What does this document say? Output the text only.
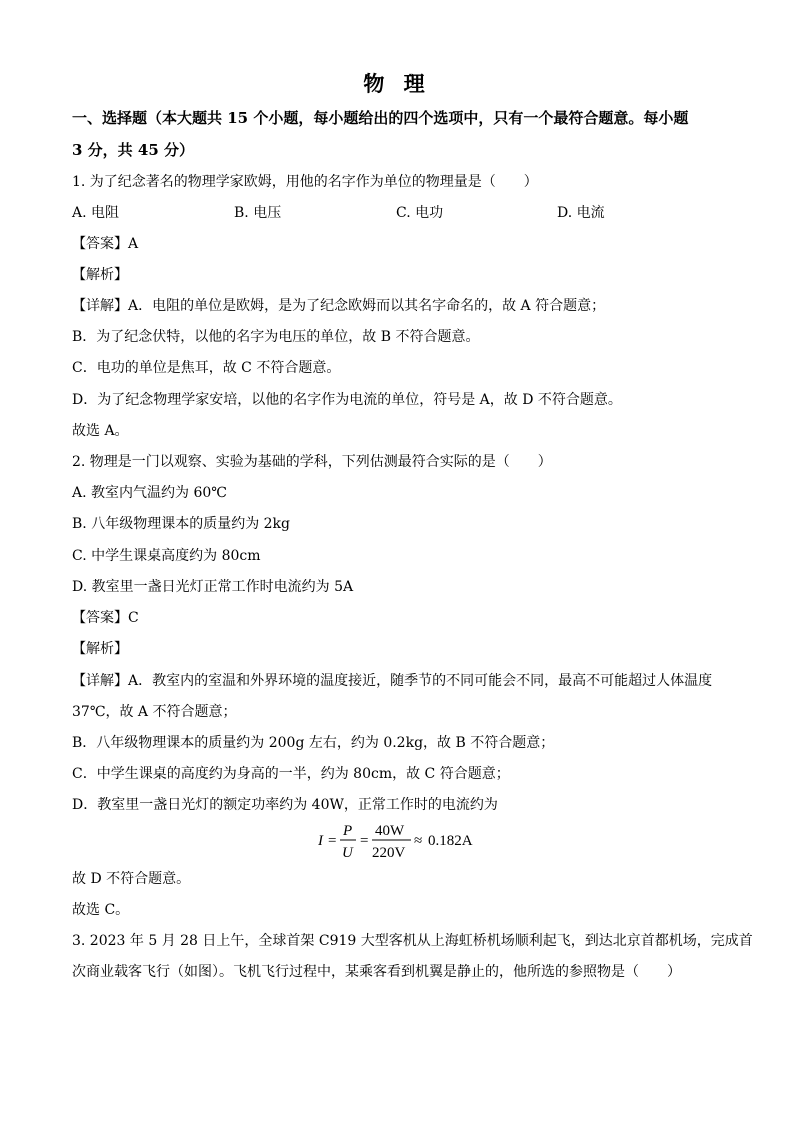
物 理
一、选择题（本大题共 15 个小题，每小题给出的四个选项中，只有一个最符合题意。每小题
3 分，共 45 分）
1. 为了纪念著名的物理学家欧姆，用他的名字作为单位的物理量是（　　）
A. 电阻	B. 电压	C. 电功	D. 电流
【答案】A
【解析】
【详解】A．电阻的单位是欧姆，是为了纪念欧姆而以其名字命名的，故 A 符合题意；
B．为了纪念伏特，以他的名字为电压的单位，故 B 不符合题意。
C．电功的单位是焦耳，故 C 不符合题意。
D．为了纪念物理学家安培，以他的名字作为电流的单位，符号是 A，故 D 不符合题意。
故选 A。
2. 物理是一门以观察、实验为基础的学科，下列估测最符合实际的是（　　）
A. 教室内气温约为 60℃
B. 八年级物理课本的质量约为 2kg
C. 中学生课桌高度约为 80cm
D. 教室里一盏日光灯正常工作时电流约为 5A
【答案】C
【解析】
【详解】A．教室内的室温和外界环境的温度接近，随季节的不同可能会不同，最高不可能超过人体温度
37℃，故 A 不符合题意；
B．八年级物理课本的质量约为 200g 左右，约为 0.2kg，故 B 不符合题意；
C．中学生课桌的高度约为身高的一半，约为 80cm，故 C 符合题意；
D．教室里一盏日光灯的额定功率约为 40W，正常工作时的电流约为
I =
P
U
=
40W
220V
≈ 0.182A
故 D 不符合题意。
故选 C。
3. 2023 年 5 月 28 日上午，全球首架 C919 大型客机从上海虹桥机场顺利起飞，到达北京首都机场，完成首
次商业载客飞行（如图）。飞机飞行过程中，某乘客看到机翼是静止的，他所选的参照物是（　　）
